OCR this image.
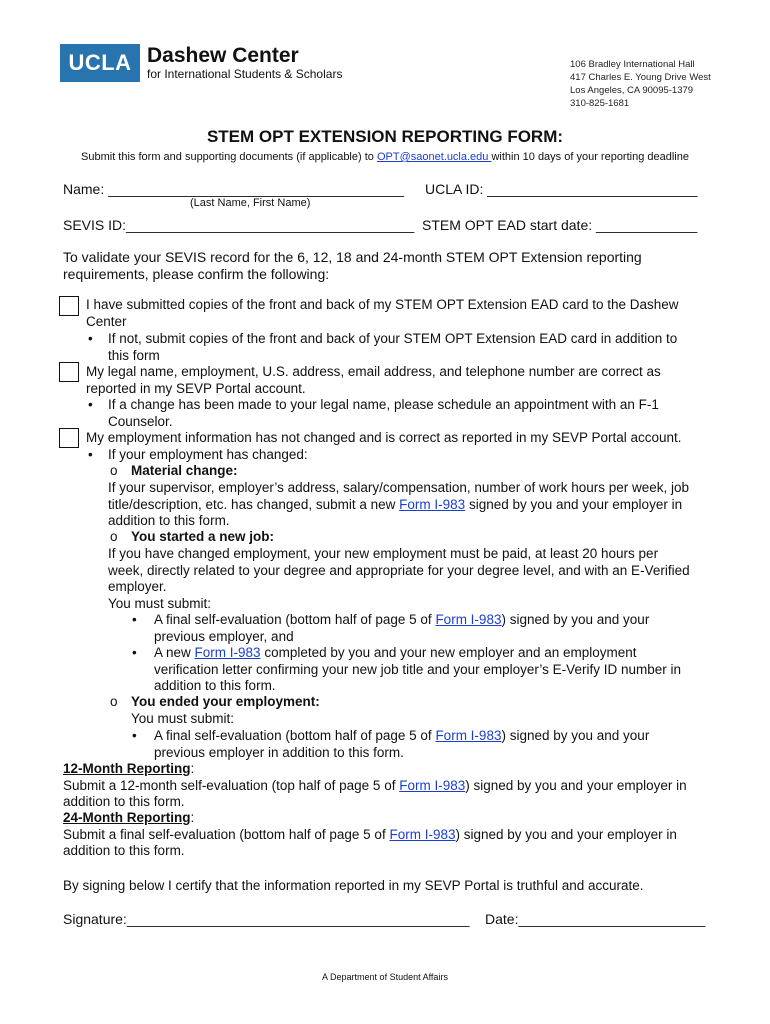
UCLA Dashew Center
for International Students & Scholars
106 Bradley International Hall
417 Charles E. Young Drive West
Los Angeles, CA 90095-1379
310-825-1681
STEM OPT EXTENSION REPORTING FORM:
Submit this form and supporting documents (if applicable) to OPT@saonet.ucla.edu within 10 days of your reporting deadline
Name: ______________________________________ UCLA ID: ___________________________
(Last Name, First Name)
SEVIS ID:_____________________________________ STEM OPT EAD start date: _____________
To validate your SEVIS record for the 6, 12, 18 and 24-month STEM OPT Extension reporting
requirements, please confirm the following:
I have submitted copies of the front and back of my STEM OPT Extension EAD card to the Dashew
Center
• If not, submit copies of the front and back of your STEM OPT Extension EAD card in addition to
this form
My legal name, employment, U.S. address, email address, and telephone number are correct as
reported in my SEVP Portal account.
• If a change has been made to your legal name, please schedule an appointment with an F-1
Counselor.
My employment information has not changed and is correct as reported in my SEVP Portal account.
• If your employment has changed:
o Material change:
If your supervisor, employer’s address, salary/compensation, number of work hours per week, job
title/description, etc. has changed, submit a new Form I-983 signed by you and your employer in
addition to this form.
o You started a new job:
If you have changed employment, your new employment must be paid, at least 20 hours per
week, directly related to your degree and appropriate for your degree level, and with an E-Verified
employer.
You must submit:
• A final self-evaluation (bottom half of page 5 of Form I-983) signed by you and your
previous employer, and
• A new Form I-983 completed by you and your new employer and an employment
verification letter confirming your new job title and your employer’s E-Verify ID number in
addition to this form.
o You ended your employment:
You must submit:
• A final self-evaluation (bottom half of page 5 of Form I-983) signed by you and your
previous employer in addition to this form.
12-Month Reporting:
Submit a 12-month self-evaluation (top half of page 5 of Form I-983) signed by you and your employer in
addition to this form.
24-Month Reporting:
Submit a final self-evaluation (bottom half of page 5 of Form I-983) signed by you and your employer in
addition to this form.
By signing below I certify that the information reported in my SEVP Portal is truthful and accurate.
Signature:____________________________________________ Date:________________________
A Department of Student Affairs
